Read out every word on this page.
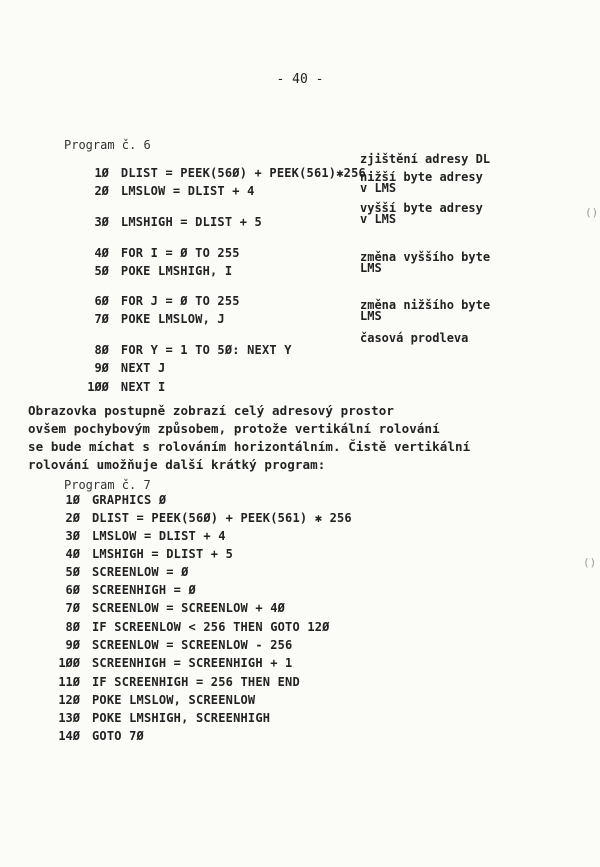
- 40 -
Program č. 6

1Ø DLIST = PEEK(56Ø) + PEEK(561)✱256

zjištění adresy DL

2Ø LMSLOW = DLIST + 4

nižší byte adresy
v LMS

3Ø LMSHIGH = DLIST + 5

vyšší byte adresy
v LMS

4Ø FOR I = Ø TO 255

5Ø POKE LMSHIGH, I

změna vyššího byte
LMS

6Ø FOR J = Ø TO 255

7Ø POKE LMSLOW, J

změna nižšího byte
LMS

8Ø FOR Y = 1 TO 5Ø: NEXT Y

časová prodleva

9Ø NEXT J

1ØØ NEXT I

Obrazovka postupně zobrazí celý adresový prostor
ovšem pochybovým způsobem, protože vertikální rolování
se bude míchat s rolováním horizontálním. Čistě vertikální
rolování umožňuje další krátký program:
Program č. 7
1Ø GRAPHICS Ø
2Ø DLIST = PEEK(56Ø) + PEEK(561) ✱ 256
3Ø LMSLOW = DLIST + 4
4Ø LMSHIGH = DLIST + 5
5Ø SCREENLOW = Ø
6Ø SCREENHIGH = Ø
7Ø SCREENLOW = SCREENLOW + 4Ø
8Ø IF SCREENLOW < 256 THEN GOTO 12Ø
9Ø SCREENLOW = SCREENLOW - 256
1ØØ SCREENHIGH = SCREENHIGH + 1
11Ø IF SCREENHIGH = 256 THEN END
12Ø POKE LMSLOW, SCREENLOW
13Ø POKE LMSHIGH, SCREENHIGH
14Ø GOTO 7Ø
()
()
